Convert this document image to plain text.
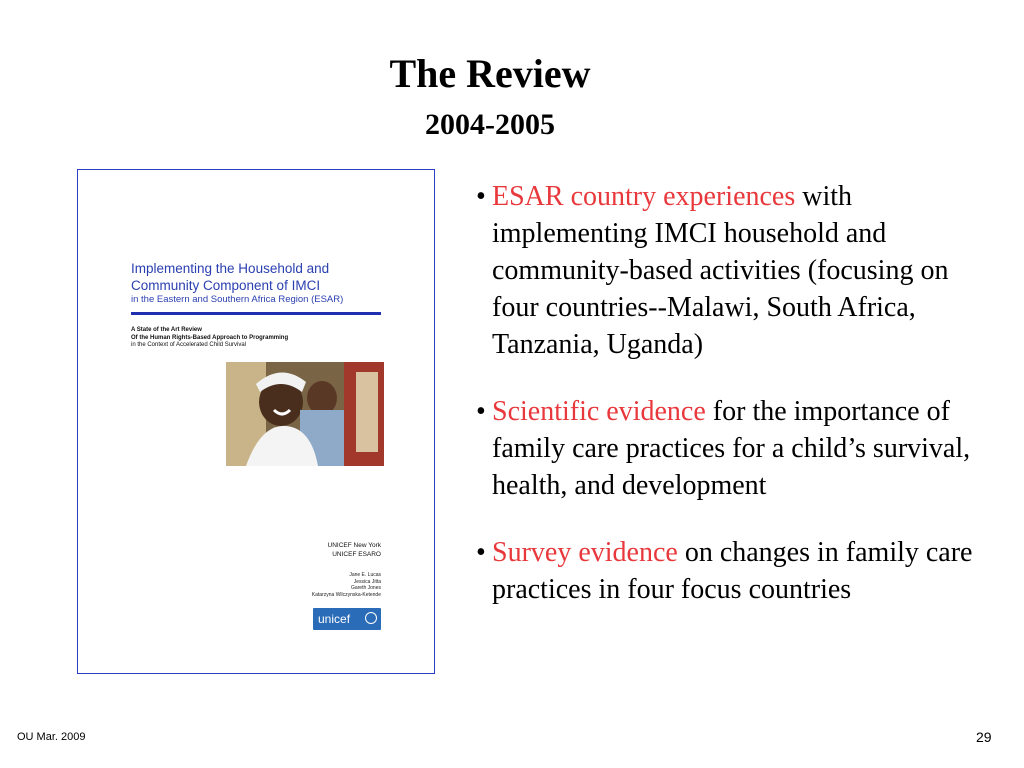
The Review
2004-2005
Implementing the Household and
Community Component of IMCI
in the Eastern and Southern Africa Region (ESAR)
A State of the Art Review
Of the Human Rights-Based Approach to Programming
in the Context of Accelerated Child Survival
UNICEF New York
UNICEF ESARO
Jane E. Lucas
Jessica Jitta
Gareth Jones
Katarzyna Wilczynska-Ketende
unicef
• ESAR country experiences with implementing IMCI household and community-based activities (focusing on four countries--Malawi, South Africa, Tanzania, Uganda)
• Scientific evidence for the importance of family care practices for a child’s survival, health, and development
• Survey evidence on changes in family care practices in four focus countries
OU Mar. 2009	29
